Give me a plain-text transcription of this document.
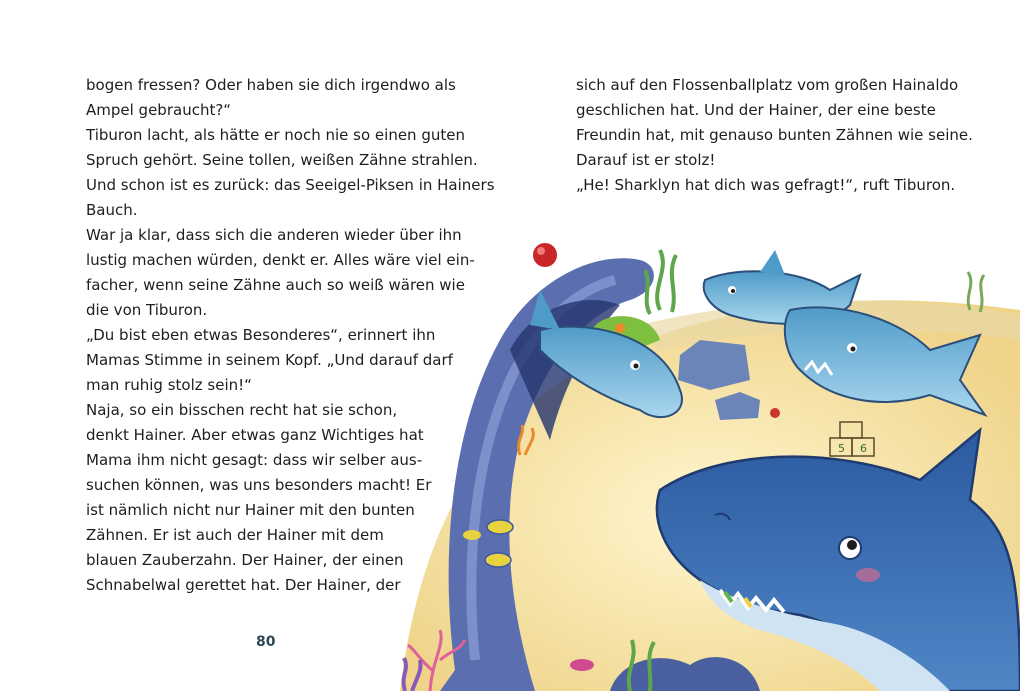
bogen fressen? Oder haben sie dich irgendwo als
Ampel gebraucht?“
Tiburon lacht, als hätte er noch nie so einen guten
Spruch gehört. Seine tollen, weißen Zähne strahlen.
Und schon ist es zurück: das Seeigel-Piksen in Hainers
Bauch.
War ja klar, dass sich die anderen wieder über ihn
lustig machen würden, denkt er. Alles wäre viel ein-
facher, wenn seine Zähne auch so weiß wären wie
die von Tiburon.
„Du bist eben etwas Besonderes“, erinnert ihn
Mamas Stimme in seinem Kopf. „Und darauf darf
man ruhig stolz sein!“
Naja, so ein bisschen recht hat sie schon,
denkt Hainer. Aber etwas ganz Wichtiges hat
Mama ihm nicht gesagt: dass wir selber aus-
suchen können, was uns besonders macht! Er
ist nämlich nicht nur Hainer mit den bunten
Zähnen. Er ist auch der Hainer mit dem
blauen Zauberzahn. Der Hainer, der einen
Schnabelwal gerettet hat. Der Hainer, der
sich auf den Flossenballplatz vom großen Hainaldo
geschlichen hat. Und der Hainer, der eine beste
Freundin hat, mit genauso bunten Zähnen wie seine.
Darauf ist er stolz!
„He! Sharklyn hat dich was gefragt!“, ruft Tiburon.
80
5 6
